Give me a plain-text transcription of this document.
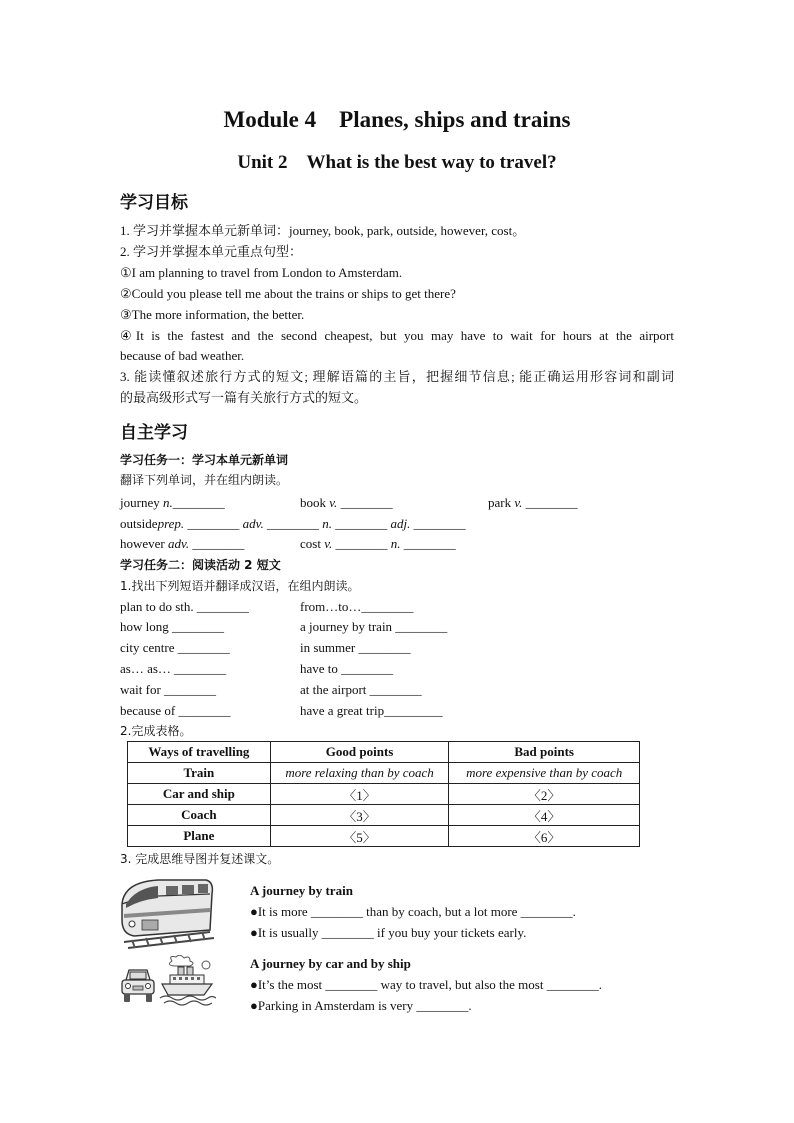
Module 4　Planes, ships and trains
Unit 2　What is the best way to travel?
学习目标
1. 学习并掌握本单元新单词：journey, book, park, outside, however, cost。
2. 学习并掌握本单元重点句型：
①I am planning to travel from London to Amsterdam.
②Could you please tell me about the trains or ships to get there?
③The more information, the better.
④It is the fastest and the second cheapest, but you may have to wait for hours at the airport
because of bad weather.
3. 能读懂叙述旅行方式的短文; 理解语篇的主旨，把握细节信息; 能正确运用形容词和副词
的最高级形式写一篇有关旅行方式的短文。
自主学习
学习任务一：学习本单元新单词
翻译下列单词，并在组内朗读。
journey n.________	book v. ________	park v. ________
outsideprep. ________ adv. ________ n. ________ adj. ________
however adv. ________	cost v. ________ n. ________
学习任务二：阅读活动 2 短文
1.找出下列短语并翻译成汉语，在组内朗读。
plan to do sth. ________	from…to…________
how long ________	a journey by train ________
city centre ________	in summer ________
as… as… ________	have to ________
wait for ________	at the airport ________
because of ________	have a great trip_________
2.完成表格。
Ways of travelling	Good points	Bad points
Train	more relaxing than by coach	more expensive than by coach
Car and ship	〈1〉	〈2〉
Coach	〈3〉	〈4〉
Plane	〈5〉	〈6〉
3. 完成思维导图并复述课文。
A journey by train
●It is more ________ than by coach, but a lot more ________.
●It is usually ________ if you buy your tickets early.
A journey by car and by ship
●It’s the most ________ way to travel, but also the most ________.
●Parking in Amsterdam is very ________.
